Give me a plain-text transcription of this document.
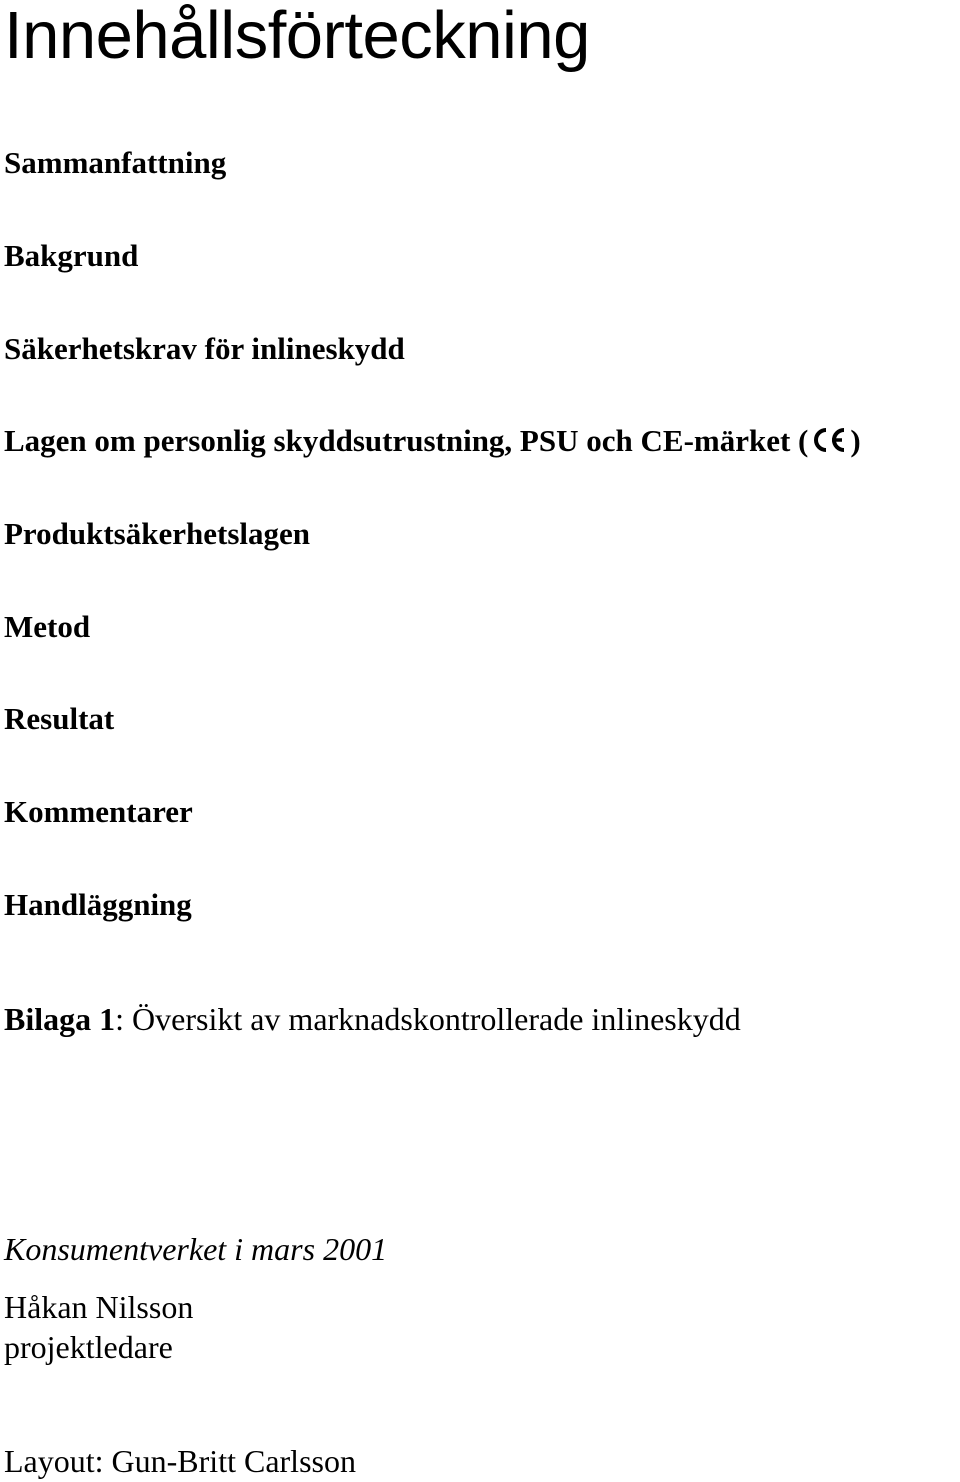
Innehållsförteckning
Sammanfattning
Bakgrund
Säkerhetskrav för inlineskydd
Lagen om personlig skyddsutrustning, PSU och CE-märket ( )
Produktsäkerhetslagen
Metod
Resultat
Kommentarer
Handläggning
Bilaga 1: Översikt av marknadskontrollerade inlineskydd

Konsumentverket i mars 2001

Håkan Nilsson

projektledare

Layout: Gun-Britt Carlsson
